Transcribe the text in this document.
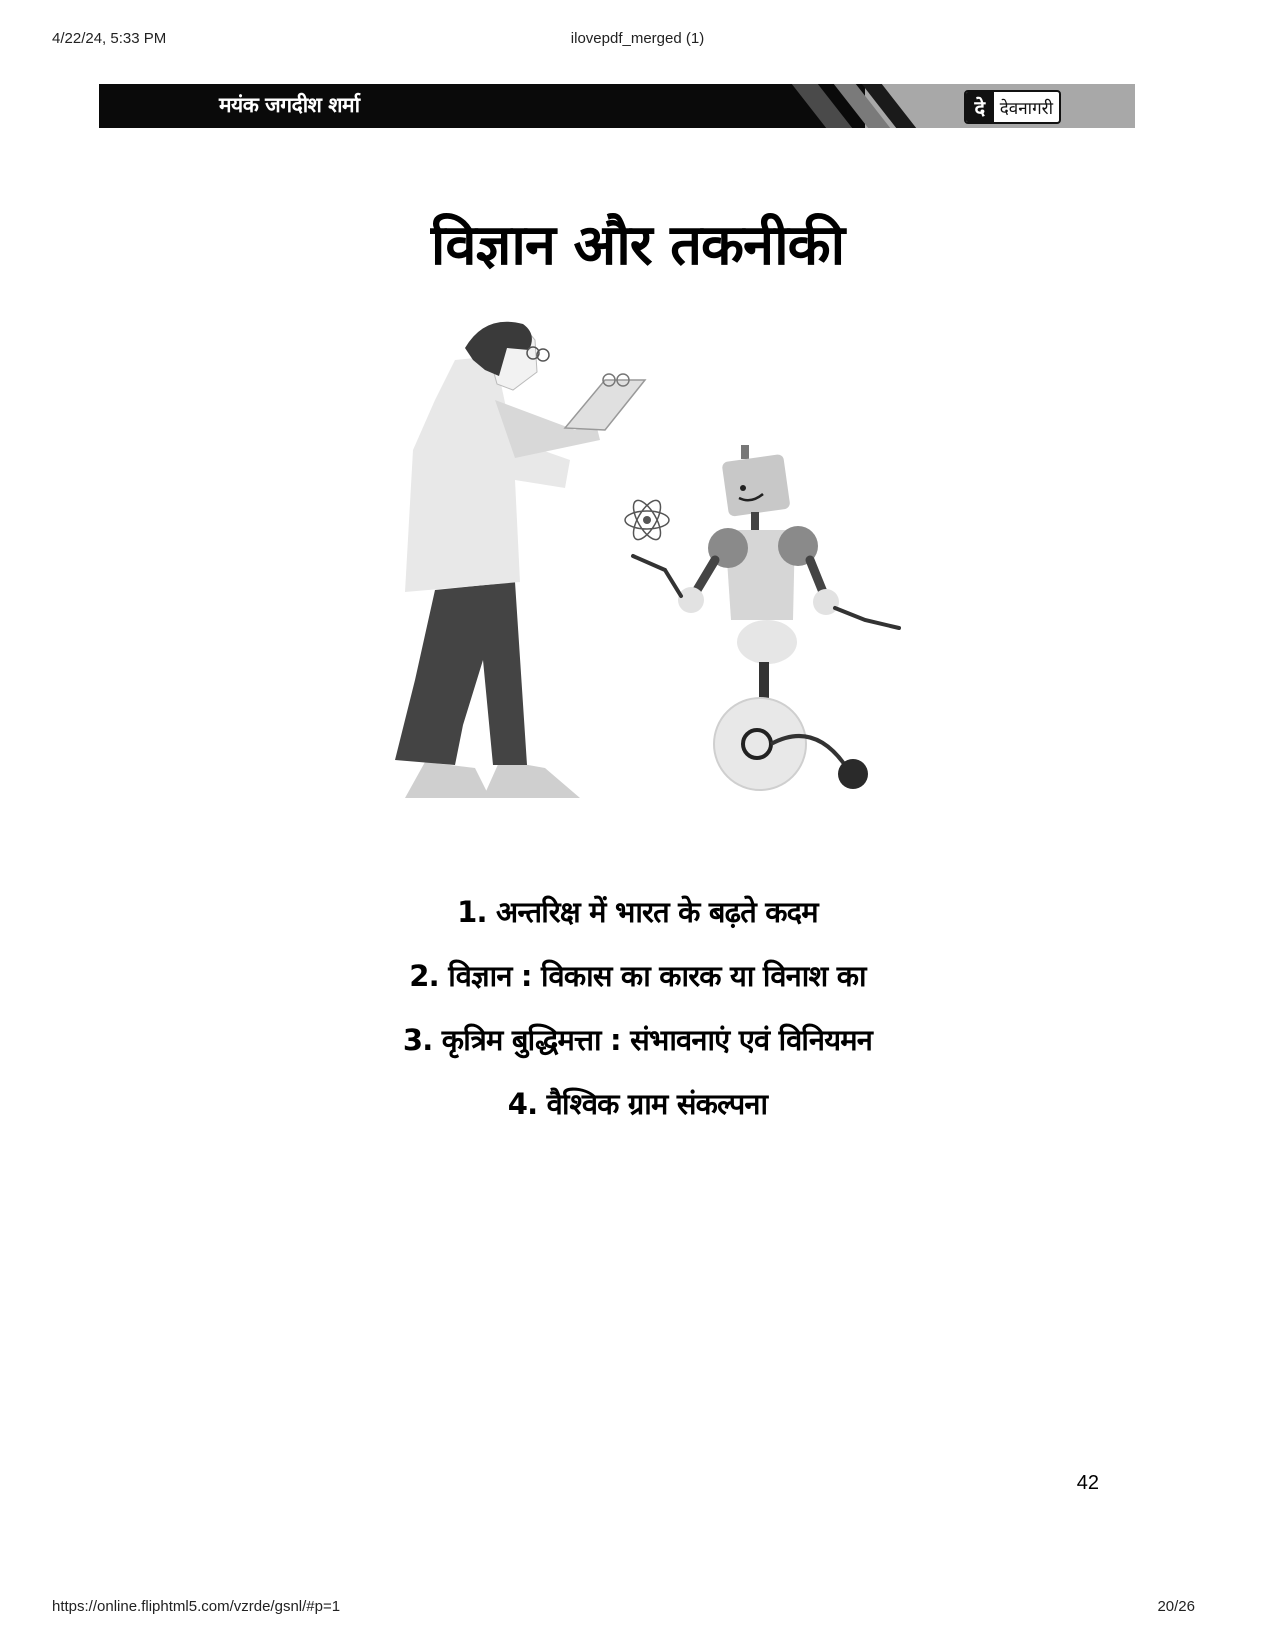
4/22/24, 5:33 PM	ilovepdf_merged (1)
मयंक जगदीश शर्मा	दे देवनागरी
विज्ञान और तकनीकी
1. अन्तरिक्ष में भारत के बढ़ते कदम
2. विज्ञान : विकास का कारक या विनाश का
3. कृत्रिम बुद्धिमत्ता : संभावनाएं एवं विनियमन
4. वैश्विक ग्राम संकल्पना
42
https://online.fliphtml5.com/vzrde/gsnl/#p=1	20/26
